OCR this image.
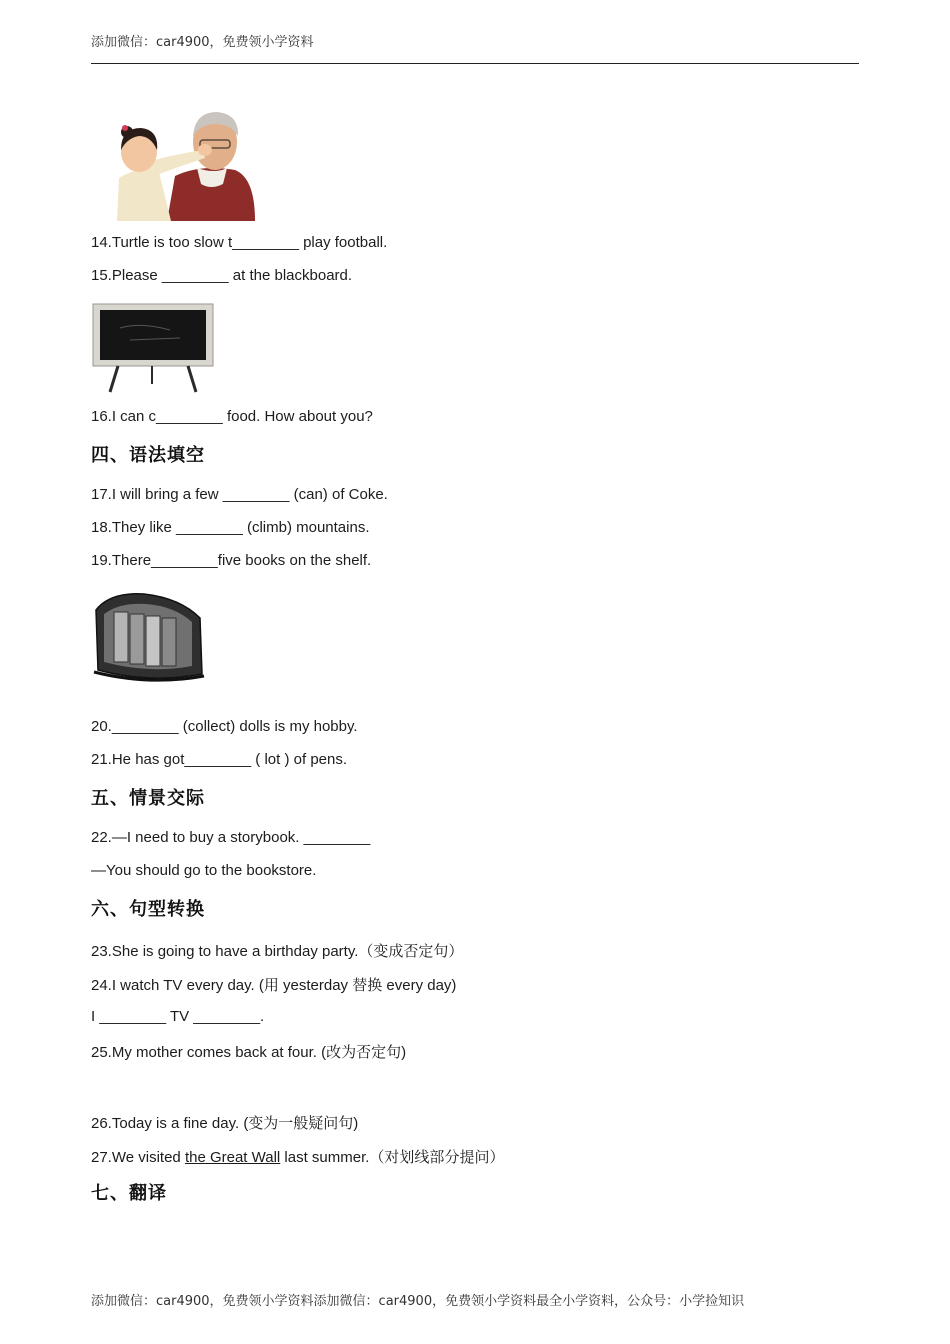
添加微信：car4900，免费领小学资料
14.Turtle is too slow t________ play football.
15.Please ________ at the blackboard.
16.I can c________ food. How about you?
四、语法填空
17.I will bring a few ________ (can) of Coke.
18.They like ________ (climb) mountains.
19.There________five books on the shelf.
20.________ (collect) dolls is my hobby.
21.He has got________ ( lot ) of pens.
五、情景交际
22.—I need to buy a storybook. ________
—You should go to the bookstore.
六、句型转换
23.She is going to have a birthday party.（变成否定句）
24.I watch TV every day. (用 yesterday 替换 every day)
I ________ TV ________.
25.My mother comes back at four. (改为否定句)
26.Today is a fine day. (变为一般疑问句)
27.We visited the Great Wall last summer.（对划线部分提问）
七、翻译
添加微信：car4900，免费领小学资料添加微信：car4900，免费领小学资料最全小学资料，公众号：小学捡知识
